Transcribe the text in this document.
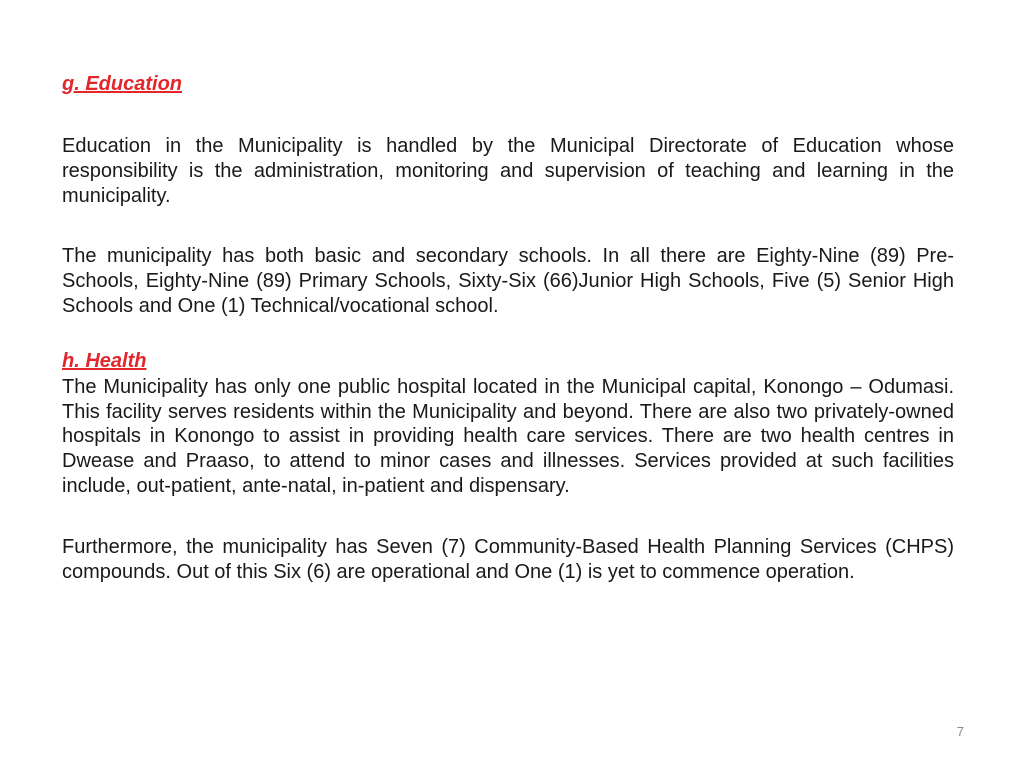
g. Education

Education in the Municipality is handled by the Municipal Directorate of Education whose responsibility is the administration, monitoring and supervision of teaching and learning in the municipality.

The municipality has both basic and secondary schools. In all there are Eighty-Nine (89) Pre-Schools, Eighty-Nine (89) Primary Schools, Sixty-Six (66)Junior High Schools, Five (5) Senior High Schools and One (1) Technical/vocational school.

h. Health

The Municipality has only one public hospital located in the Municipal capital, Konongo – Odumasi. This facility serves residents within the Municipality and beyond. There are also two privately-owned hospitals in Konongo to assist in providing health care services. There are two health centres in Dwease and Praaso, to attend to minor cases and illnesses. Services provided at such facilities include, out-patient, ante-natal, in-patient and dispensary.

Furthermore, the municipality has Seven (7) Community-Based Health Planning Services (CHPS) compounds. Out of this Six (6) are operational and One (1) is yet to commence operation.

7
